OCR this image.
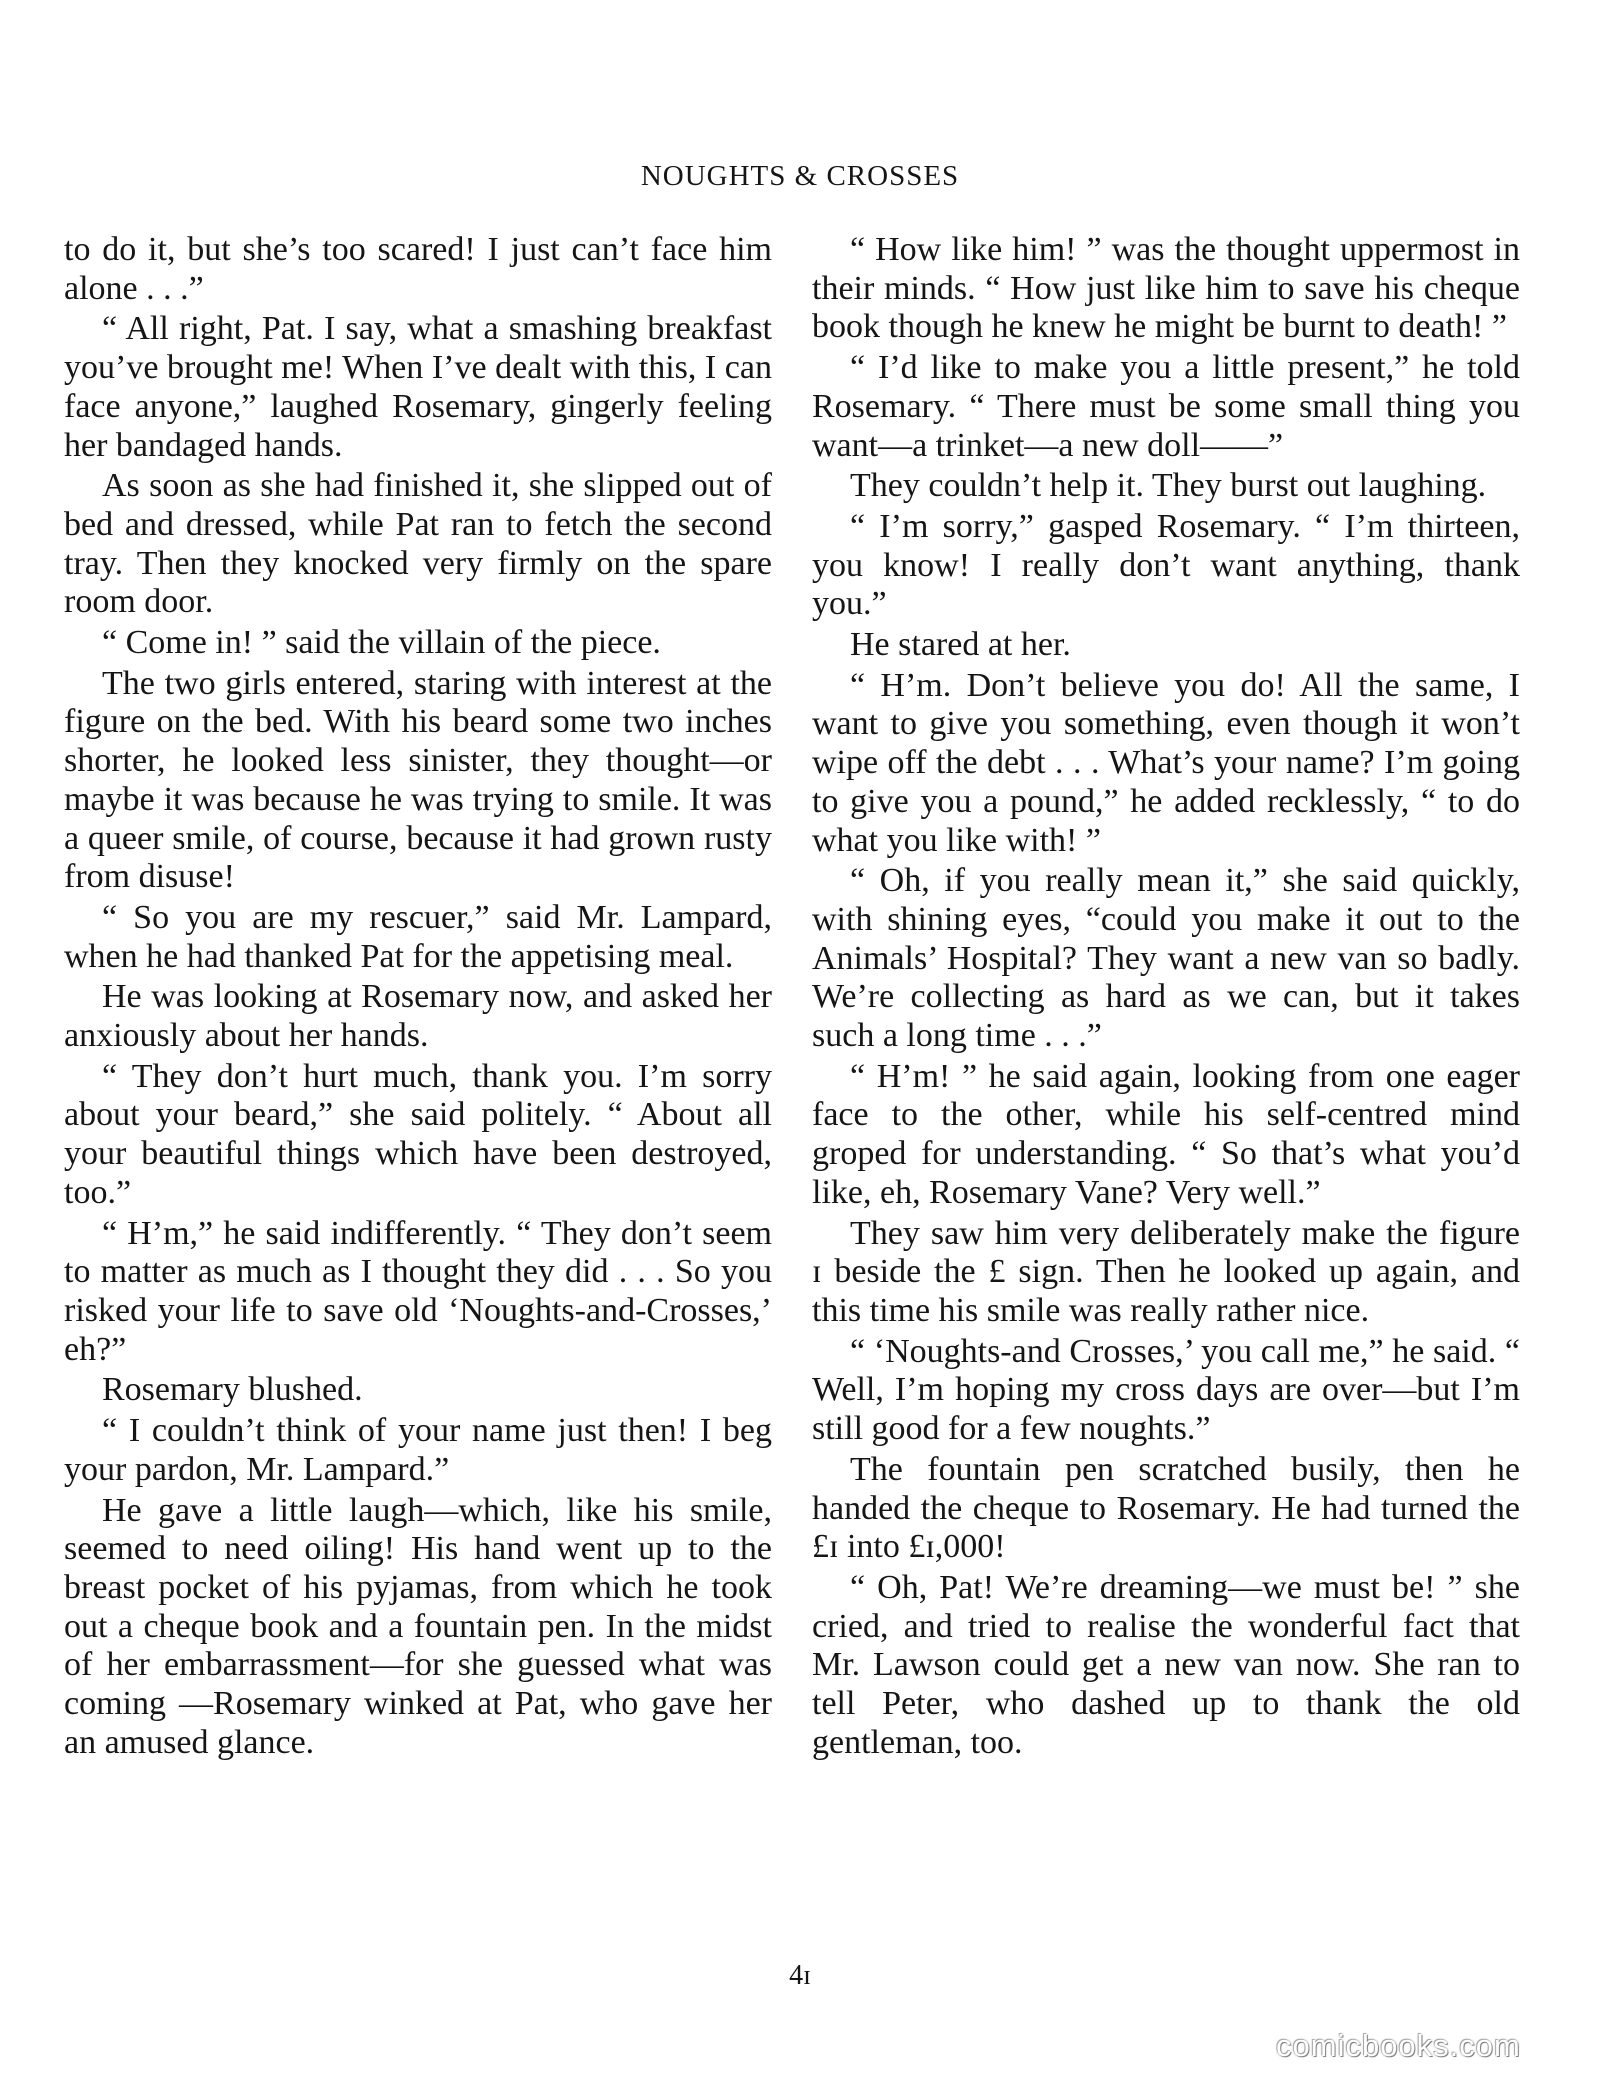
NOUGHTS & CROSSES

to do it, but she’s too scared! I just can’t face him alone . . .”

“ All right, Pat. I say, what a smashing breakfast you’ve brought me! When I’ve dealt with this, I can face anyone,” laughed Rosemary, gingerly feeling her bandaged hands.

As soon as she had finished it, she slipped out of bed and dressed, while Pat ran to fetch the second tray. Then they knocked very firmly on the spare room door.

“ Come in! ” said the villain of the piece.

The two girls entered, staring with interest at the figure on the bed. With his beard some two inches shorter, he looked less sinister, they thought—or maybe it was because he was trying to smile. It was a queer smile, of course, because it had grown rusty from disuse!

“ So you are my rescuer,” said Mr. Lampard, when he had thanked Pat for the appetising meal.

He was looking at Rosemary now, and asked her anxiously about her hands.

“ They don’t hurt much, thank you. I’m sorry about your beard,” she said politely. “ About all your beautiful things which have been destroyed, too.”

“ H’m,” he said indifferently. “ They don’t seem to matter as much as I thought they did . . . So you risked your life to save old ‘Noughts-and-Crosses,’ eh?”

Rosemary blushed.

“ I couldn’t think of your name just then! I beg your pardon, Mr. Lampard.”

He gave a little laugh—which, like his smile, seemed to need oiling! His hand went up to the breast pocket of his pyjamas, from which he took out a cheque book and a fountain pen. In the midst of her embarrassment—for she guessed what was coming —Rosemary winked at Pat, who gave her an amused glance.

“ How like him! ” was the thought uppermost in their minds. “ How just like him to save his cheque book though he knew he might be burnt to death! ”

“ I’d like to make you a little present,” he told Rosemary. “ There must be some small thing you want—a trinket—a new doll——”

They couldn’t help it. They burst out laughing.

“ I’m sorry,” gasped Rosemary. “ I’m thirteen, you know! I really don’t want anything, thank you.”

He stared at her.

“ H’m. Don’t believe you do! All the same, I want to give you something, even though it won’t wipe off the debt . . . What’s your name? I’m going to give you a pound,” he added recklessly, “ to do what you like with! ”

“ Oh, if you really mean it,” she said quickly, with shining eyes, “could you make it out to the Animals’ Hospital? They want a new van so badly. We’re collecting as hard as we can, but it takes such a long time . . .”

“ H’m! ” he said again, looking from one eager face to the other, while his self-centred mind groped for understanding. “ So that’s what you’d like, eh, Rosemary Vane? Very well.”

They saw him very deliberately make the figure ɪ beside the £ sign. Then he looked up again, and this time his smile was really rather nice.

“ ‘Noughts-and Crosses,’ you call me,” he said. “ Well, I’m hoping my cross days are over—but I’m still good for a few noughts.”

The fountain pen scratched busily, then he handed the cheque to Rosemary. He had turned the £ɪ into £ɪ,000!

“ Oh, Pat! We’re dreaming—we must be! ” she cried, and tried to realise the wonderful fact that Mr. Lawson could get a new van now. She ran to tell Peter, who dashed up to thank the old gentleman, too.

4ɪ
comicbooks.com
